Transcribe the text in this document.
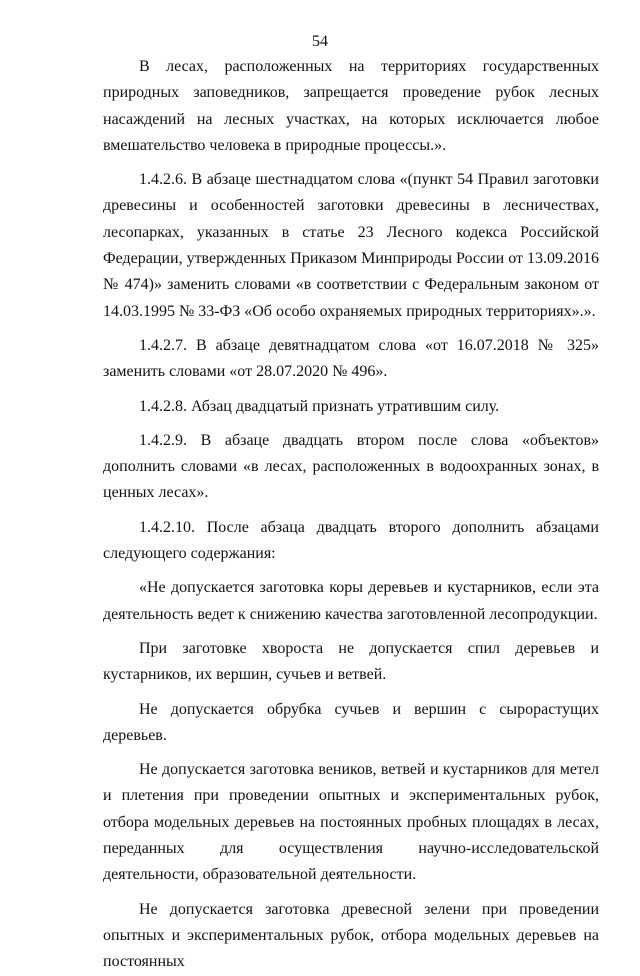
54

В лесах, расположенных на территориях государственных природных заповедников, запрещается проведение рубок лесных насаждений на лесных участках, на которых исключается любое вмешательство человека в природные процессы.».

1.4.2.6. В абзаце шестнадцатом слова «(пункт 54 Правил заготовки древесины и особенностей заготовки древесины в лесничествах, лесопарках, указанных в статье 23 Лесного кодекса Российской Федерации, утвержденных Приказом Минприроды России от 13.09.2016 № 474)» заменить словами «в соответствии с Федеральным законом от 14.03.1995 № 33-ФЗ «Об особо охраняемых природных территориях».».

1.4.2.7. В абзаце девятнадцатом слова «от 16.07.2018 № 325» заменить словами «от 28.07.2020 № 496».

1.4.2.8. Абзац двадцатый признать утратившим силу.

1.4.2.9. В абзаце двадцать втором после слова «объектов» дополнить словами «в лесах, расположенных в водоохранных зонах, в ценных лесах».

1.4.2.10. После абзаца двадцать второго дополнить абзацами следующего содержания:

«Не допускается заготовка коры деревьев и кустарников, если эта деятельность ведет к снижению качества заготовленной лесопродукции.

При заготовке хвороста не допускается спил деревьев и кустарников, их вершин, сучьев и ветвей.

Не допускается обрубка сучьев и вершин с сырорастущих деревьев.

Не допускается заготовка веников, ветвей и кустарников для метел и плетения при проведении опытных и экспериментальных рубок, отбора модельных деревьев на постоянных пробных площадях в лесах, переданных для осуществления научно-исследовательской деятельности, образовательной деятельности.

Не допускается заготовка древесной зелени при проведении опытных и экспериментальных рубок, отбора модельных деревьев на постоянных
